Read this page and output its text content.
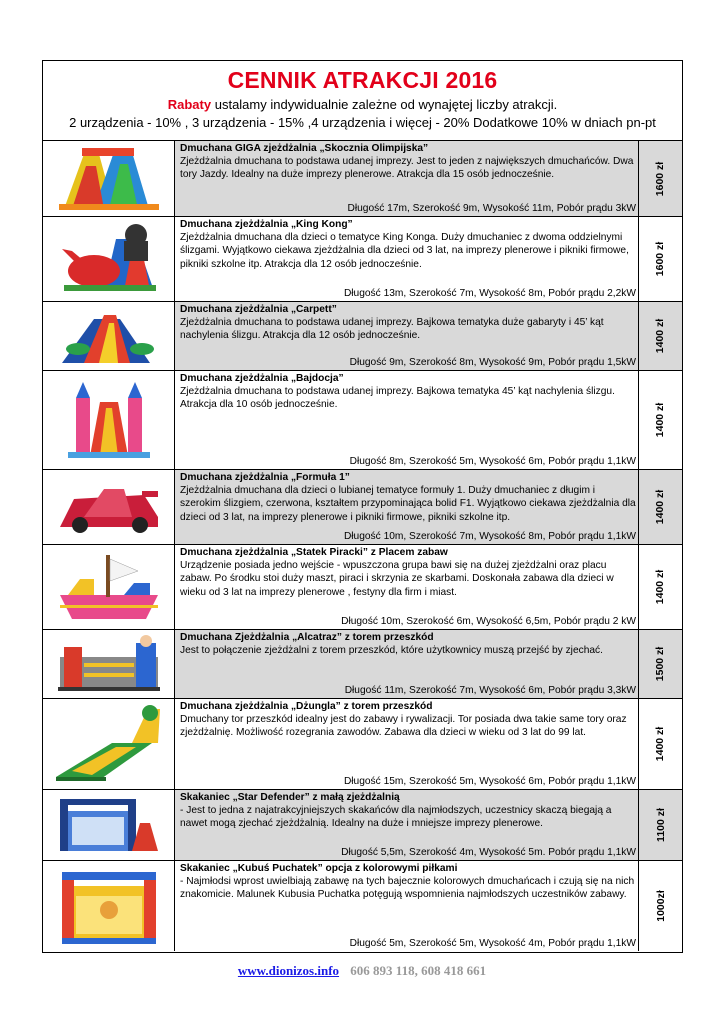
CENNIK ATRAKCJI 2016
Rabaty ustalamy indywidualnie zależne od wynajętej liczby atrakcji.
2 urządzenia - 10% , 3 urządzenia - 15% ,4 urządzenia i więcej - 20% Dodatkowe 10% w dniach pn-pt
Dmuchana GIGA zjeżdżalnia „Skocznia Olimpijska”
Zjeżdżalnia dmuchana to podstawa udanej imprezy. Jest to jeden z największych dmuchańców. Dwa tory Jazdy. Idealny na duże imprezy plenerowe. Atrakcja dla 15 osób jednocześnie.
Długość 17m, Szerokość 9m, Wysokość 11m, Pobór prądu 3kW
1600 zł
Dmuchana zjeżdżalnia „King Kong”
Zjeżdżalnia dmuchana dla dzieci o tematyce King Konga. Duży dmuchaniec z dwoma oddzielnymi ślizgami. Wyjątkowo ciekawa zjeżdżalnia dla dzieci od 3 lat, na imprezy plenerowe i pikniki firmowe, pikniki szkolne itp. Atrakcja dla 12 osób jednocześnie.
Długość 13m, Szerokość 7m, Wysokość 8m, Pobór prądu 2,2kW
1600 zł
Dmuchana zjeżdżalnia „Carpett”
Zjeżdżalnia dmuchana to podstawa udanej imprezy. Bajkowa tematyka duże gabaryty i 45’ kąt nachylenia ślizgu. Atrakcja dla 12 osób jednocześnie.
Długość 9m, Szerokość 8m, Wysokość 9m, Pobór prądu 1,5kW
1400 zł
Dmuchana zjeżdżalnia „Bajdocja”
Zjeżdżalnia dmuchana to podstawa udanej imprezy. Bajkowa tematyka 45’ kąt nachylenia ślizgu. Atrakcja dla 10 osób jednocześnie.
Długość 8m, Szerokość 5m, Wysokość 6m, Pobór prądu 1,1kW
1400 zł
Dmuchana zjeżdżalnia „Formuła 1”
Zjeżdżalnia dmuchana dla dzieci o lubianej tematyce formuły 1. Duży dmuchaniec z długim i szerokim ślizgiem, czerwona, kształtem przypominająca bolid F1. Wyjątkowo ciekawa zjeżdżalnia dla dzieci od 3 lat, na imprezy plenerowe i pikniki firmowe, pikniki szkolne itp.
Długość 10m, Szerokość 7m, Wysokość 8m, Pobór prądu 1,1kW
1400 zł
Dmuchana zjeżdżalnia „Statek Piracki” z Placem zabaw
Urządzenie posiada jedno wejście - wpuszczona grupa bawi się na dużej zjeżdżalni oraz placu zabaw. Po środku stoi duży maszt, piraci i skrzynia ze skarbami. Doskonała zabawa dla dzieci w wieku od 3 lat na imprezy plenerowe , festyny dla firm i miast.
Długość 10m, Szerokość 6m, Wysokość 6,5m, Pobór prądu 2 kW
1400 zł
Dmuchana Zjeżdżalnia „Alcatraz” z torem przeszkód
Jest to połączenie zjeżdżalni z torem przeszkód, które użytkownicy muszą przejść by zjechać.
Długość 11m, Szerokość 7m, Wysokość 6m, Pobór prądu 3,3kW
1500 zł
Dmuchana zjeżdżalnia „Dżungla” z torem przeszkód
Dmuchany tor przeszkód idealny jest do zabawy i rywalizacji. Tor posiada dwa takie same tory oraz zjeżdżalnię. Możliwość rozegrania zawodów. Zabawa dla dzieci w wieku od 3 lat do 99 lat.
Długość 15m, Szerokość 5m, Wysokość 6m, Pobór prądu 1,1kW
1400 zł
Skakaniec „Star Defender” z małą zjeżdżalnią
- Jest to jedna z najatrakcyjniejszych skakańców dla najmłodszych, uczestnicy skaczą biegają a nawet mogą zjechać zjeżdżalnią. Idealny na duże i mniejsze imprezy plenerowe.
Długość 5,5m, Szerokość 4m, Wysokość 5m. Pobór prądu 1,1kW
1100 zł
Skakaniec „Kubuś Puchatek” opcja z kolorowymi piłkami
- Najmłodsi wprost uwielbiają zabawę na tych bajecznie kolorowych dmuchańcach i czują się na nich znakomicie. Malunek Kubusia Puchatka potęgują wspomnienia najmłodszych uczestników zabawy.
Długość 5m, Szerokość 5m, Wysokość 4m, Pobór prądu 1,1kW
1000zł
www.dionizos.info 606 893 118, 608 418 661
